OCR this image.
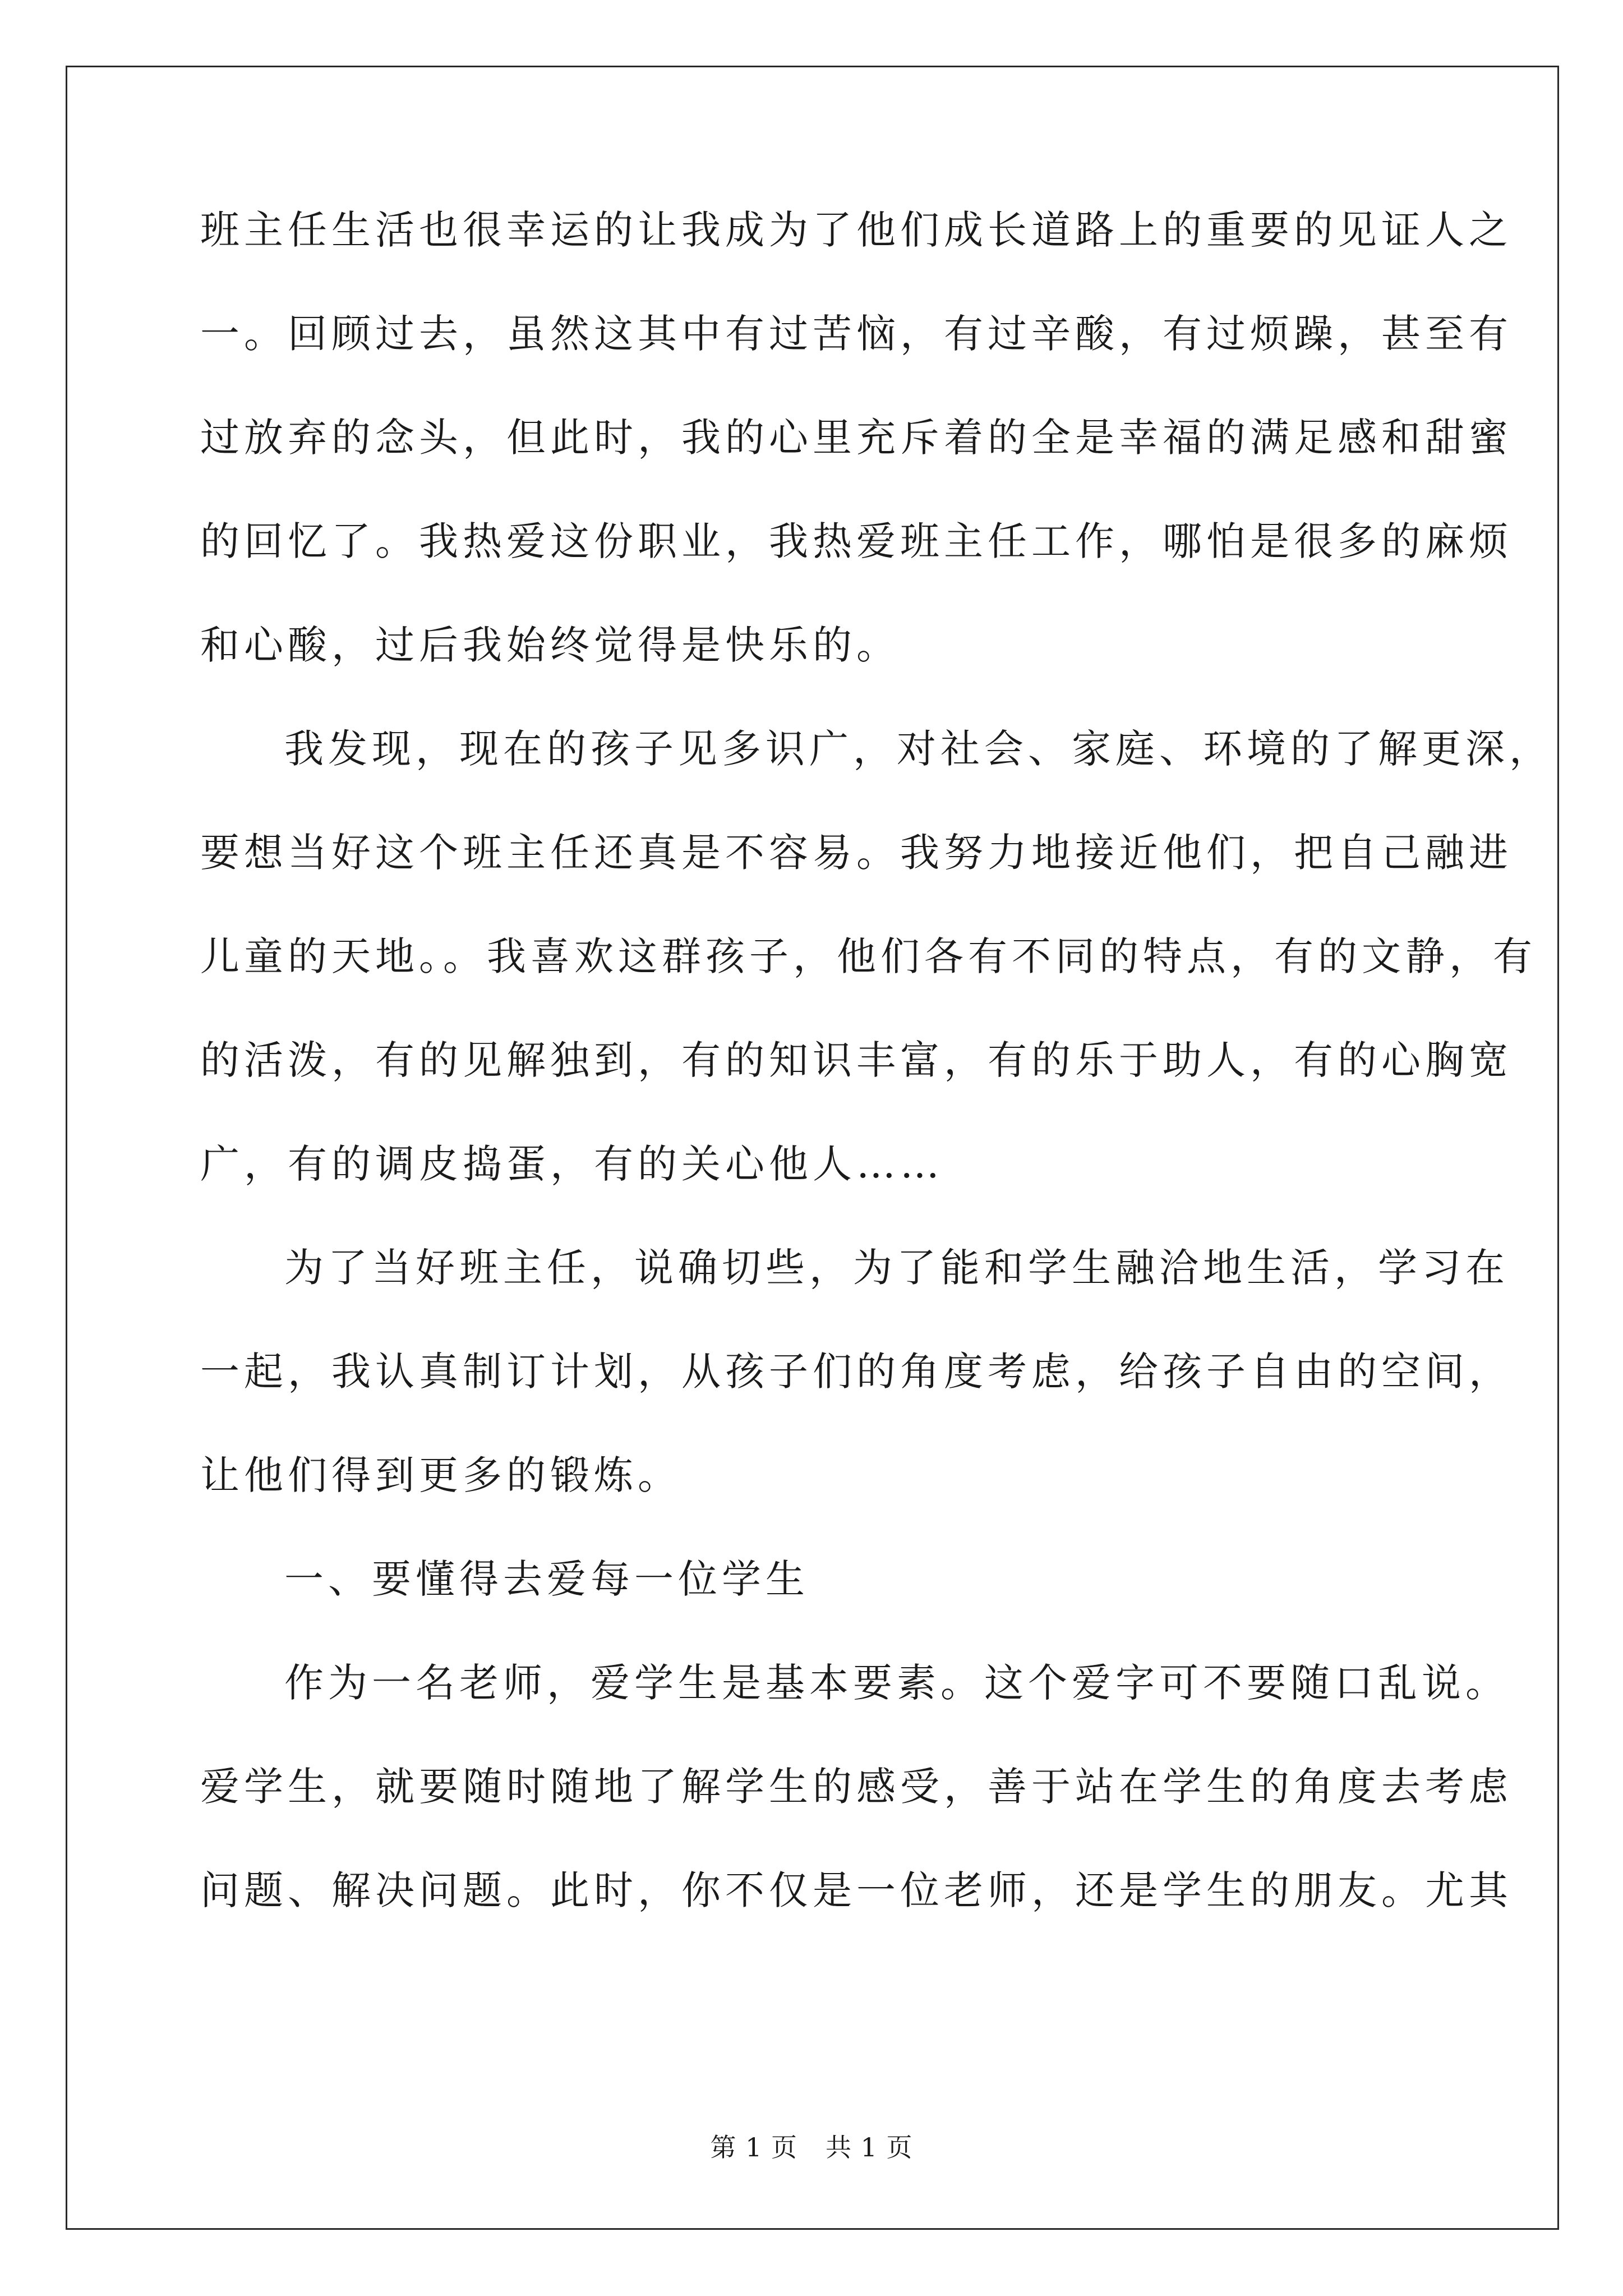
班主任生活也很幸运的让我成为了他们成长道路上的重要的见证人之
一。回顾过去，虽然这其中有过苦恼，有过辛酸，有过烦躁，甚至有
过放弃的念头，但此时，我的心里充斥着的全是幸福的满足感和甜蜜
的回忆了。我热爱这份职业，我热爱班主任工作，哪怕是很多的麻烦
和心酸，过后我始终觉得是快乐的。
我发现，现在的孩子见多识广，对社会、家庭、环境的了解更深，
要想当好这个班主任还真是不容易。我努力地接近他们，把自己融进
儿童的天地。。我喜欢这群孩子，他们各有不同的特点，有的文静，有
的活泼，有的见解独到，有的知识丰富，有的乐于助人，有的心胸宽
广，有的调皮捣蛋，有的关心他人……
为了当好班主任，说确切些，为了能和学生融洽地生活，学习在
一起，我认真制订计划，从孩子们的角度考虑，给孩子自由的空间，
让他们得到更多的锻炼。
一、要懂得去爱每一位学生
作为一名老师，爱学生是基本要素。这个爱字可不要随口乱说。
爱学生，就要随时随地了解学生的感受，善于站在学生的角度去考虑
问题、解决问题。此时，你不仅是一位老师，还是学生的朋友。尤其
第 1 页 共 1 页
